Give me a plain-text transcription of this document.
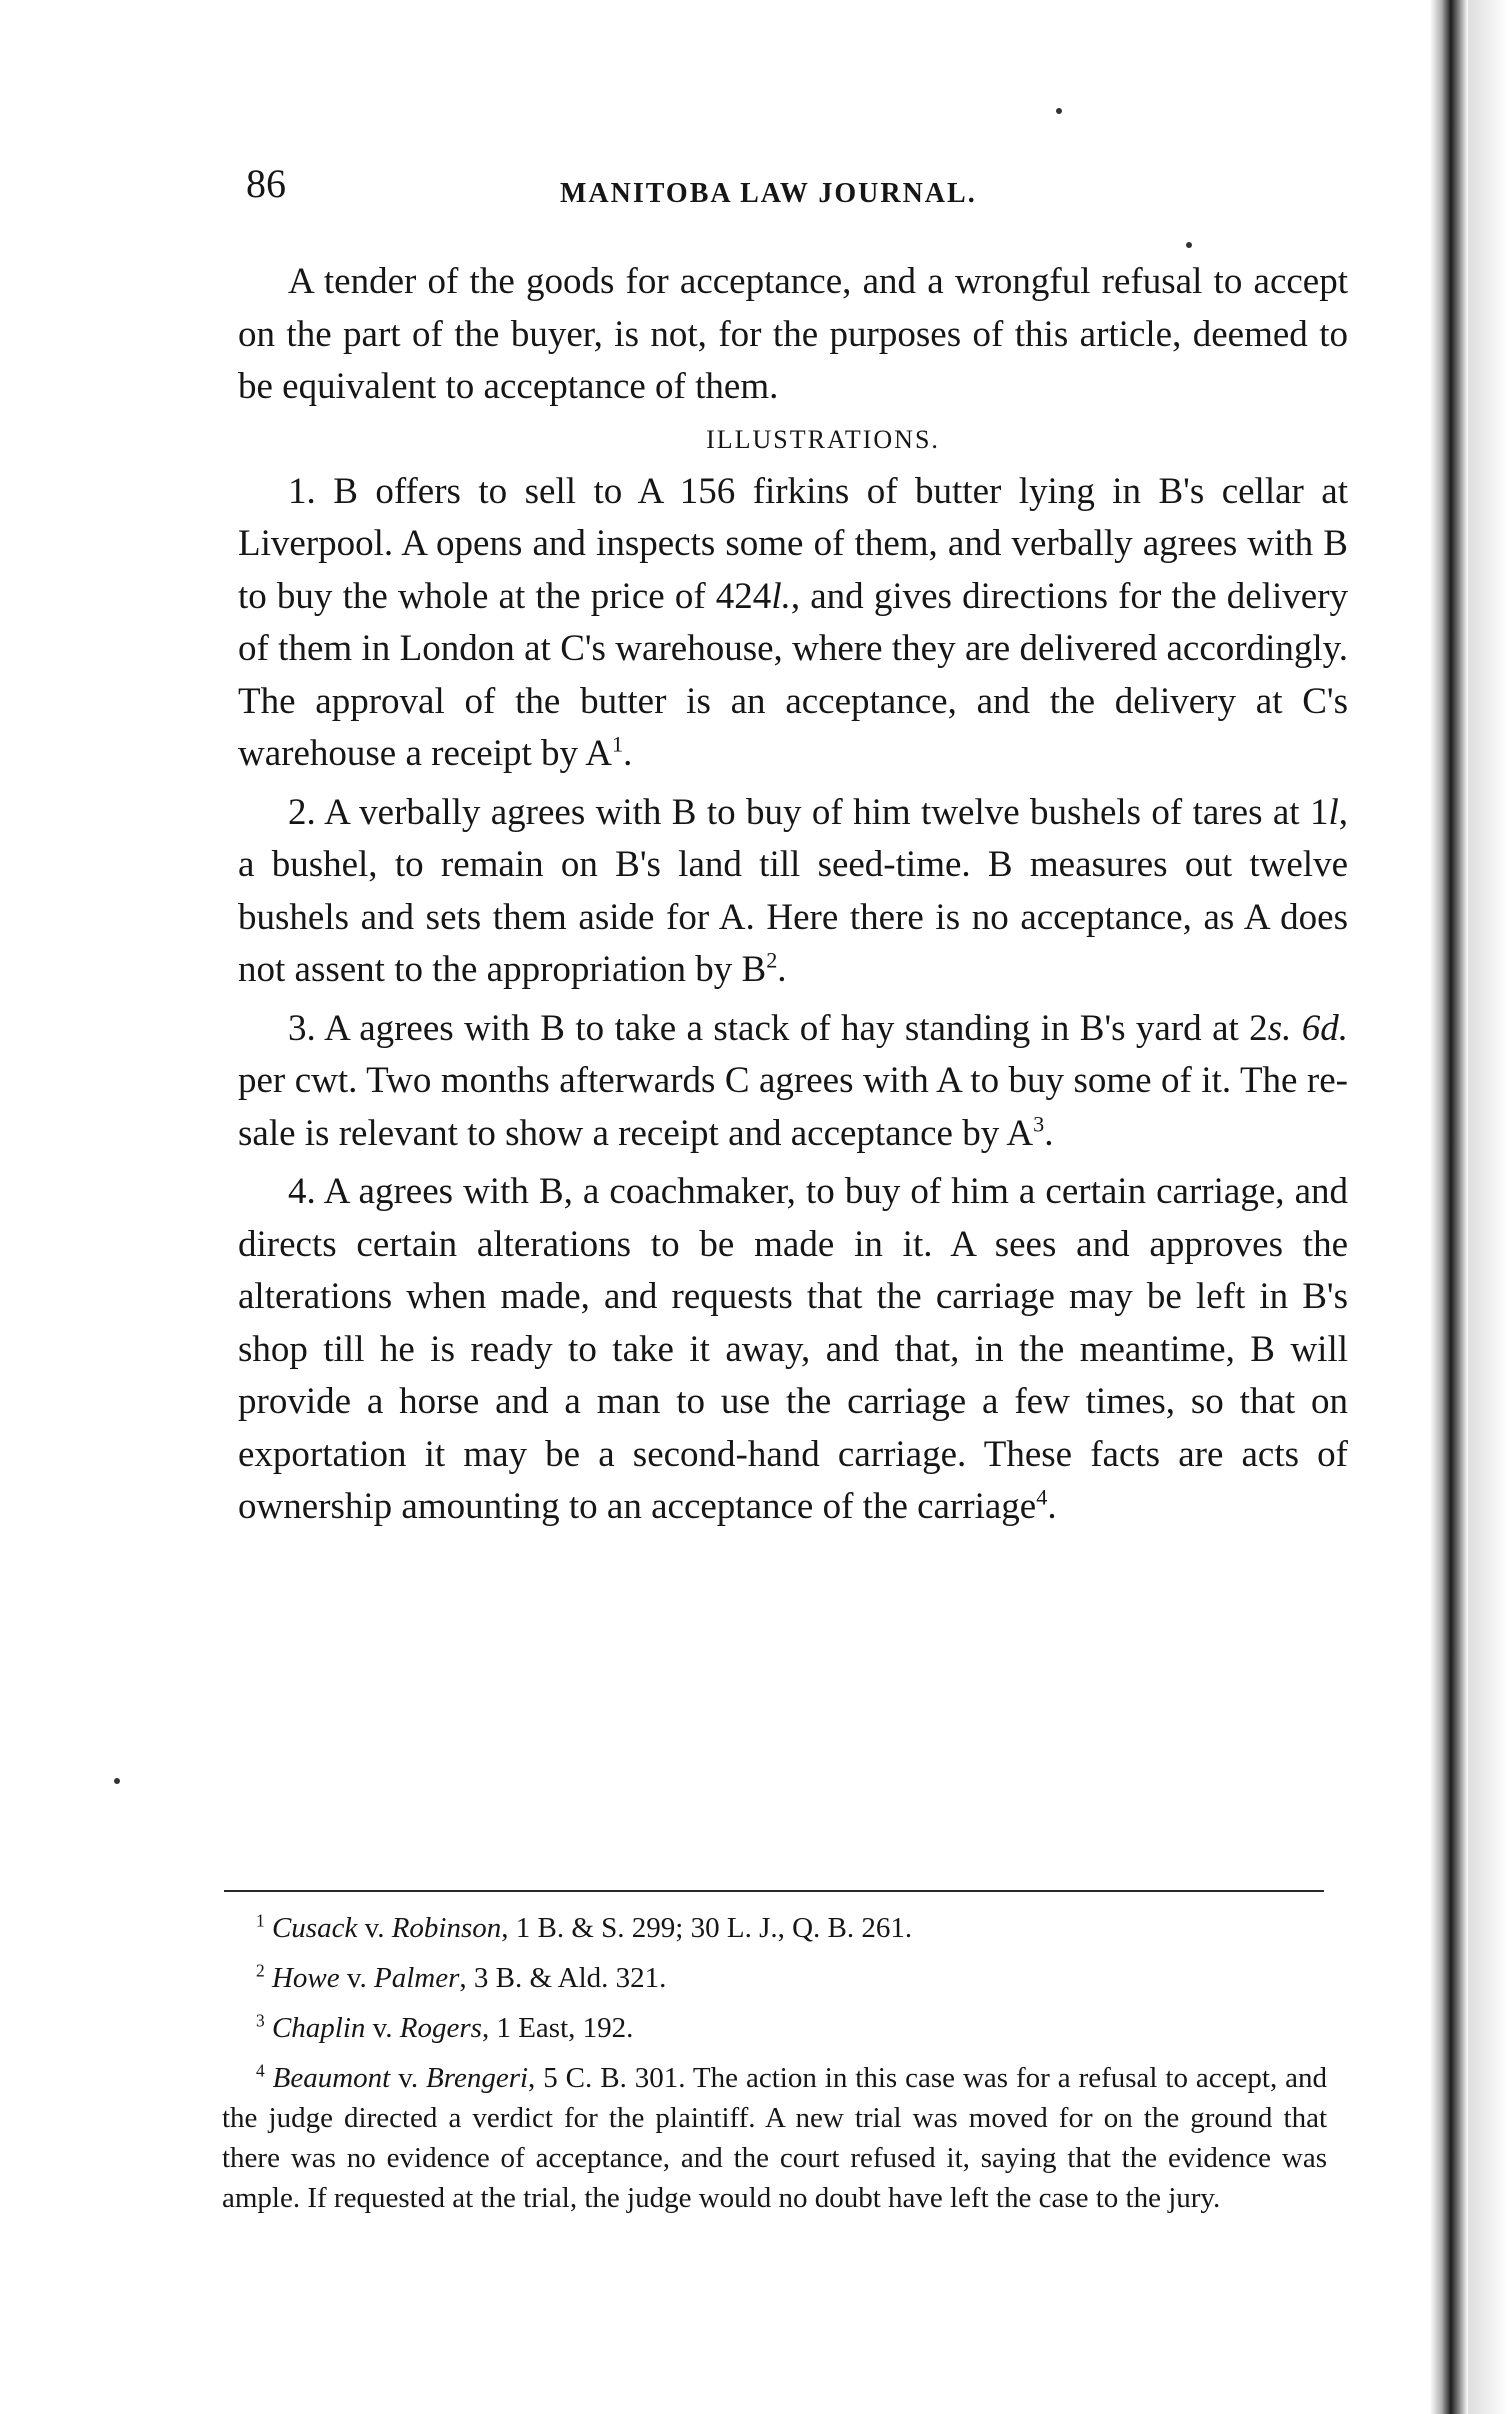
86	MANITOBA LAW JOURNAL.

A tender of the goods for acceptance, and a wrongful refusal to accept on the part of the buyer, is not, for the purposes of this article, deemed to be equivalent to acceptance of them.

ILLUSTRATIONS.

1. B offers to sell to A 156 firkins of butter lying in B's cellar at Liverpool. A opens and inspects some of them, and verbally agrees with B to buy the whole at the price of 424l., and gives directions for the delivery of them in London at C's warehouse, where they are delivered accordingly. The approval of the butter is an acceptance, and the delivery at C's warehouse a receipt by $A^1$.

2. A verbally agrees with B to buy of him twelve bushels of tares at 1l, a bushel, to remain on B's land till seed-time. B measures out twelve bushels and sets them aside for A. Here there is no acceptance, as A does not assent to the appropriation by $B^2$.

3. A agrees with B to take a stack of hay standing in B's yard at 2s. 6d. per cwt. Two months afterwards C agrees with A to buy some of it. The re-sale is relevant to show a receipt and acceptance by $A^3$.

4. A agrees with B, a coachmaker, to buy of him a certain carriage, and directs certain alterations to be made in it. A sees and approves the alterations when made, and requests that the carriage may be left in B's shop till he is ready to take it away, and that, in the meantime, B will provide a horse and a man to use the carriage a few times, so that on exportation it may be a second-hand carriage. These facts are acts of ownership amounting to an acceptance of the carriage$^4$.

$^1$ Cusack v. Robinson, 1 B. & S. 299; 30 L. J., Q. B. 261.

$^2$ Howe v. Palmer, 3 B. & Ald. 321.

$^3$ Chaplin v. Rogers, 1 East, 192.

$^4$ Beaumont v. Brengeri, 5 C. B. 301. The action in this case was for a refusal to accept, and the judge directed a verdict for the plaintiff. A new trial was moved for on the ground that there was no evidence of acceptance, and the court refused it, saying that the evidence was ample. If requested at the trial, the judge would no doubt have left the case to the jury.
